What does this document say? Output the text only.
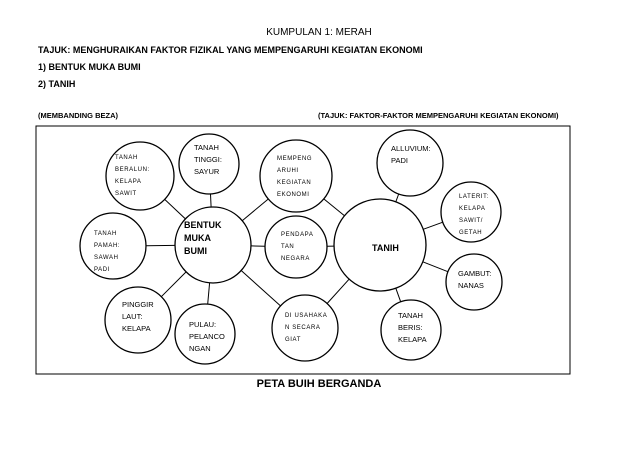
KUMPULAN 1: MERAH
TAJUK: MENGHURAIKAN FAKTOR FIZIKAL YANG MEMPENGARUHI KEGIATAN EKONOMI
1) BENTUK MUKA BUMI
2) TANIH
(MEMBANDING BEZA)	(TAJUK: FAKTOR-FAKTOR MEMPENGARUHI KEGIATAN EKONOMI)
BENTUK
MUKA
BUMI	TANIH
TANAH
BERALUN:
KELAPA
SAWIT
TANAH
PAMAH:
SAWAH
PADI
PINGGIR
LAUT:
KELAPA	PULAU:
PELANCO
NGAN
TANAH
TINGGI:
SAYUR
MEMPENG
ARUHI
KEGIATAN
EKONOMI
PENDAPA
TAN
NEGARA
DI USAHAKA
N SECARA
GIAT
ALLUVIUM:
PADI
LATERIT:
KELAPA
SAWIT/
GETAH
GAMBUT:
NANAS
TANAH
BERIS:
KELAPA
PETA BUIH BERGANDA
